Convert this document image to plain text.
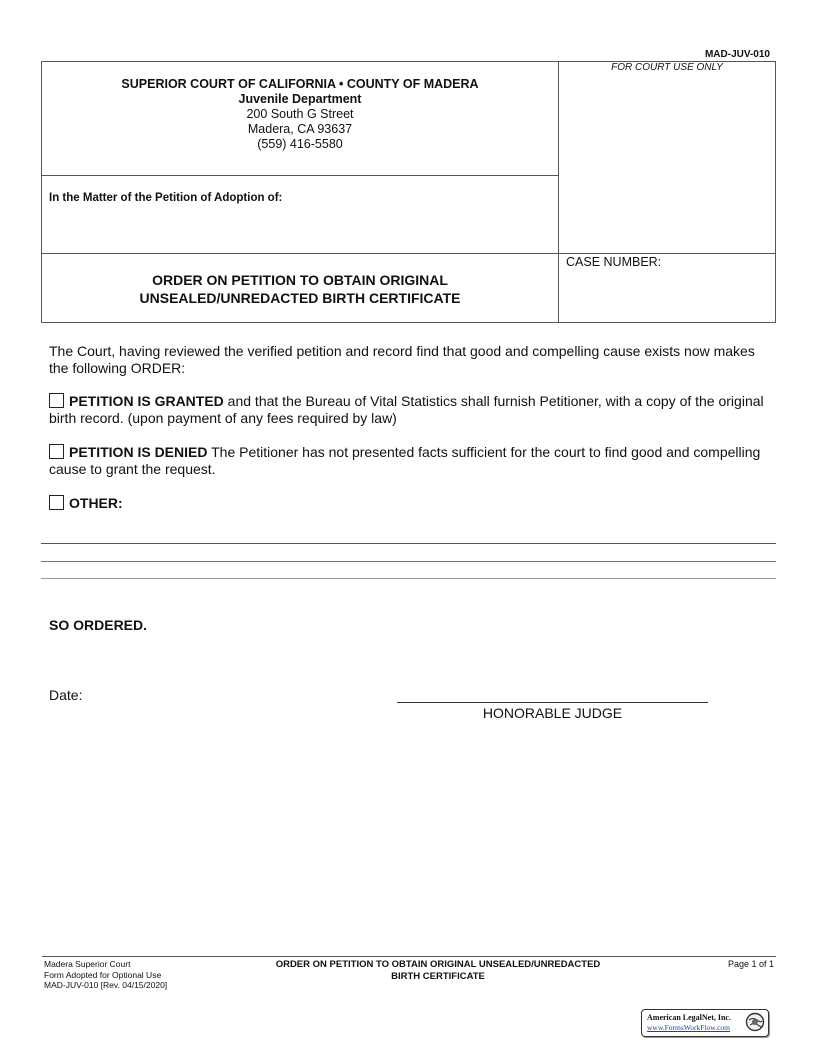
MAD-JUV-010
SUPERIOR COURT OF CALIFORNIA • COUNTY OF MADERA
Juvenile Department
200 South G Street
Madera, CA 93637
(559) 416-5580
FOR COURT USE ONLY
In the Matter of the Petition of Adoption of:
CASE NUMBER:
ORDER ON PETITION TO OBTAIN ORIGINAL
UNSEALED/UNREDACTED BIRTH CERTIFICATE
The Court, having reviewed the verified petition and record find that good and compelling cause exists now makes the following ORDER:
PETITION IS GRANTED and that the Bureau of Vital Statistics shall furnish Petitioner, with a copy of the original birth record. (upon payment of any fees required by law)
PETITION IS DENIED The Petitioner has not presented facts sufficient for the court to find good and compelling cause to grant the request.
OTHER:
SO ORDERED.
Date:
HONORABLE JUDGE
Madera Superior Court
Form Adopted for Optional Use
MAD-JUV-010 [Rev. 04/15/2020]
ORDER ON PETITION TO OBTAIN ORIGINAL UNSEALED/UNREDACTED
BIRTH CERTIFICATE
Page 1 of 1
American LegalNet, Inc.
www.FormsWorkFlow.com
